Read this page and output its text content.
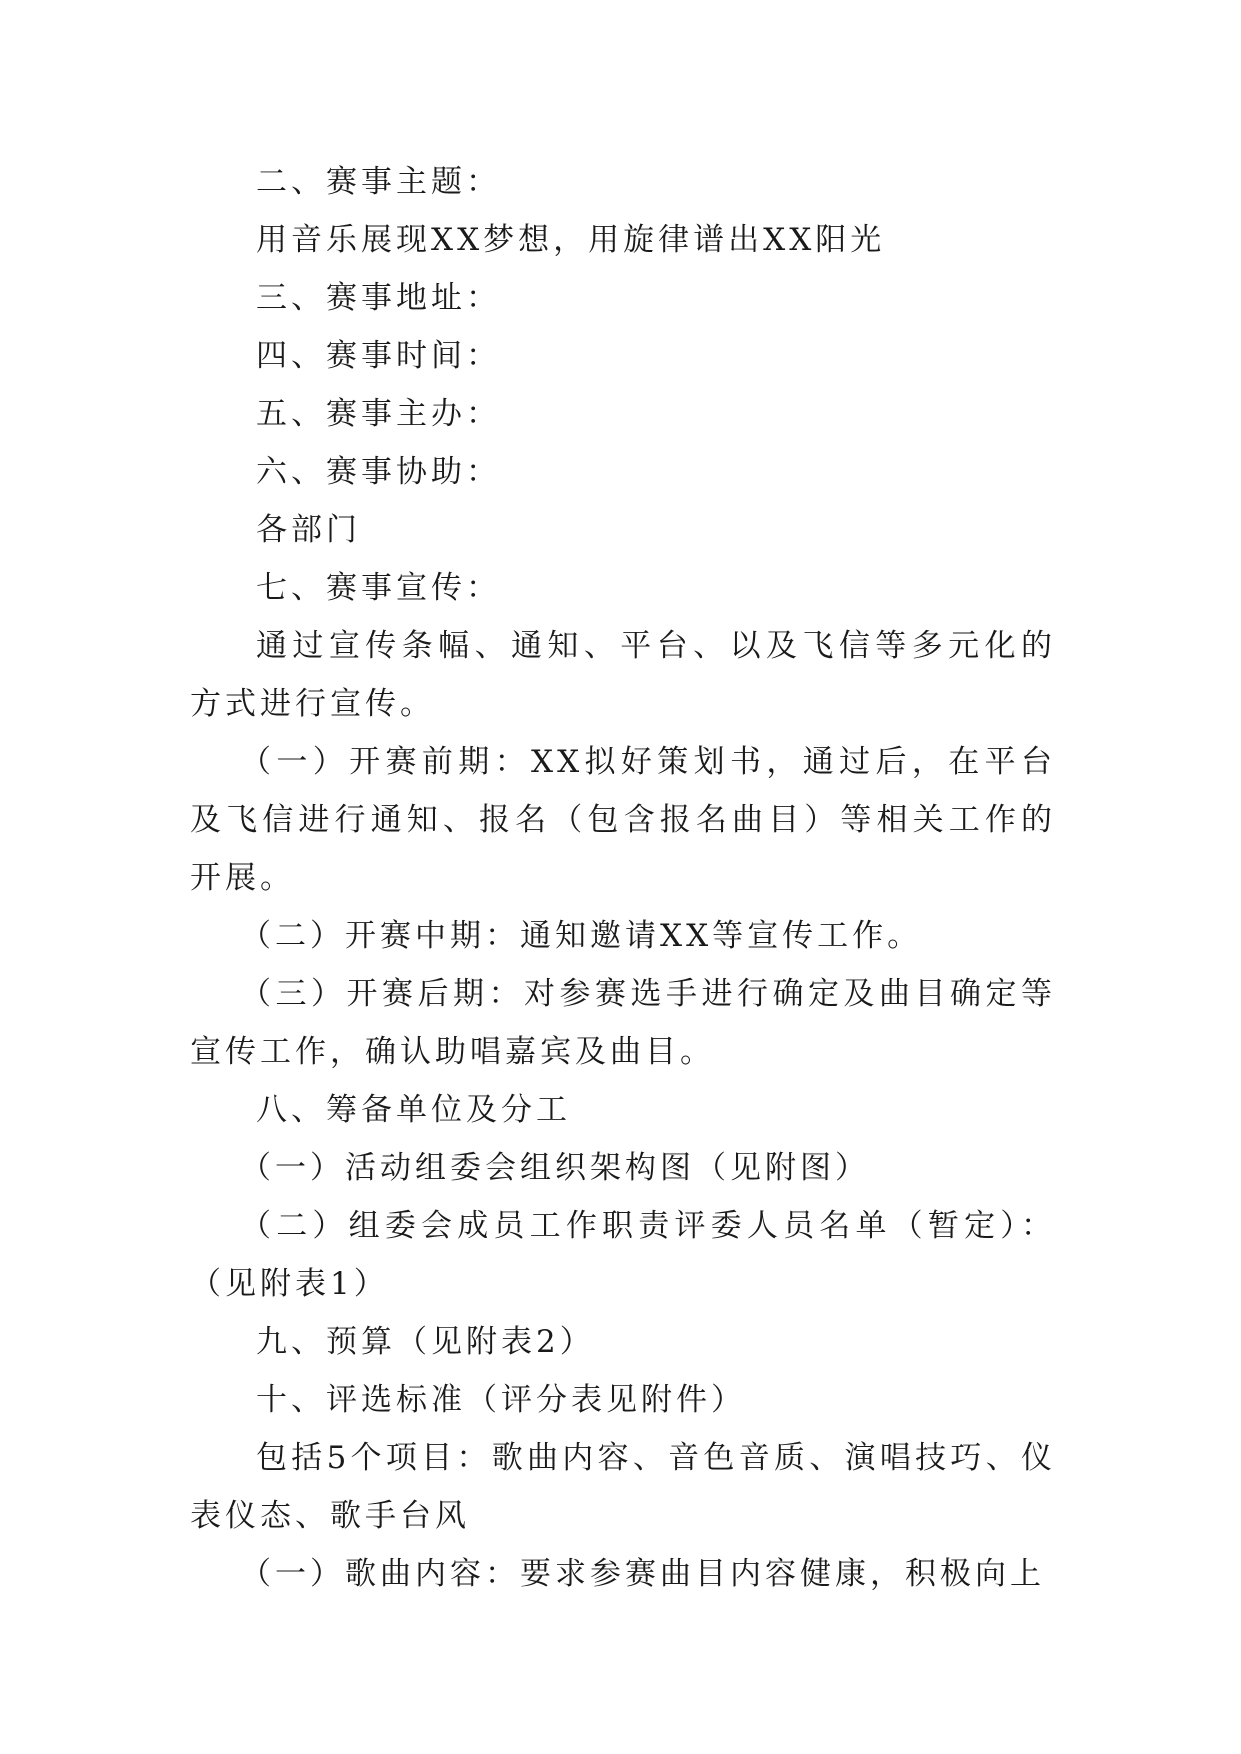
二、赛事主题：

用音乐展现XX梦想，用旋律谱出XX阳光

三、赛事地址：

四、赛事时间：

五、赛事主办：

六、赛事协助：

各部门

七、赛事宣传：

通过宣传条幅、通知、平台、以及飞信等多元化的方式进行宣传。

（一）开赛前期：XX拟好策划书，通过后，在平台及飞信进行通知、报名（包含报名曲目）等相关工作的开展。

（二）开赛中期：通知邀请XX等宣传工作。

（三）开赛后期：对参赛选手进行确定及曲目确定等宣传工作，确认助唱嘉宾及曲目。

八、筹备单位及分工

（一）活动组委会组织架构图（见附图）

（二）组委会成员工作职责评委人员名单（暂定）：（见附表1）

九、预算（见附表2）

十、评选标准（评分表见附件）

包括5个项目：歌曲内容、音色音质、演唱技巧、仪表仪态、歌手台风

（一）歌曲内容：要求参赛曲目内容健康，积极向上
